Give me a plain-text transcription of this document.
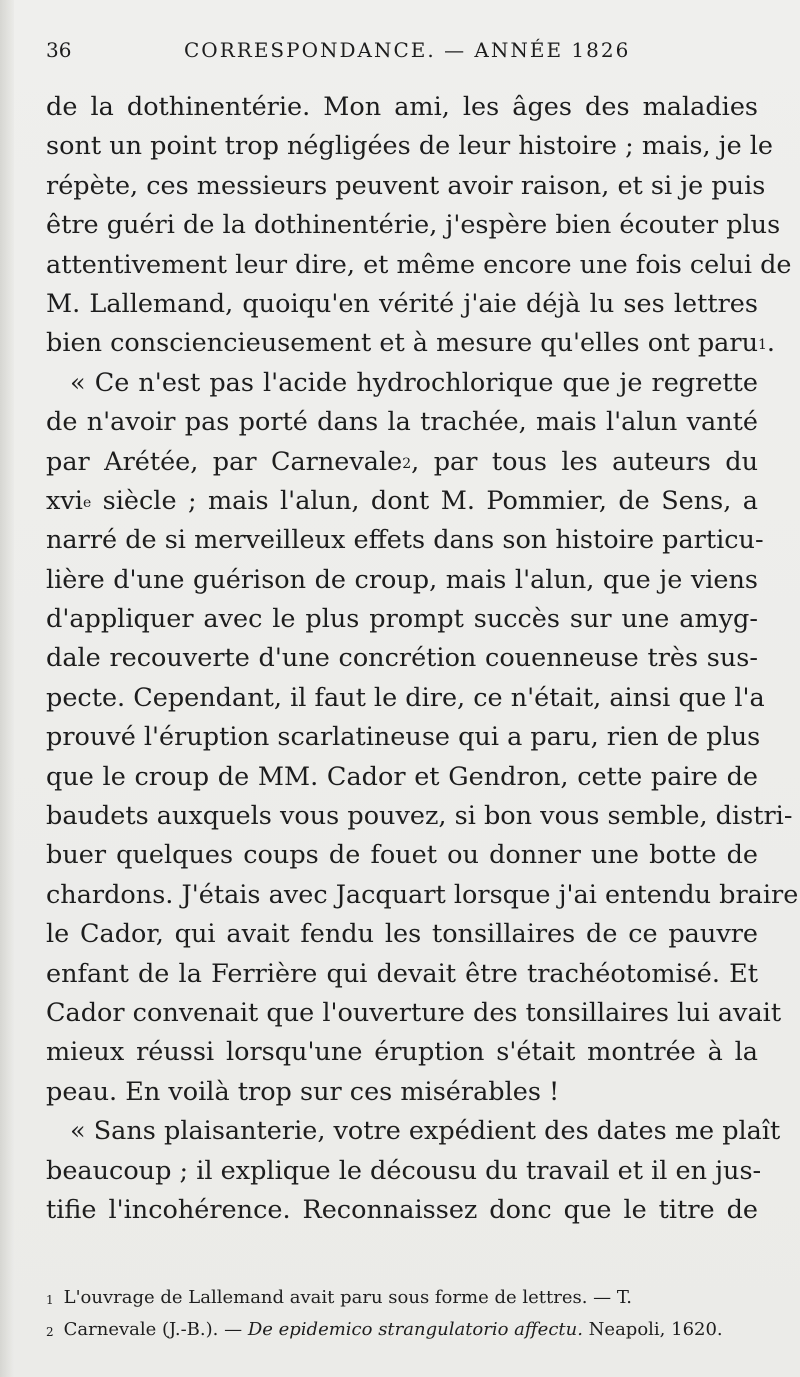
36	CORRESPONDANCE. — ANNÉE 1826
de la dothinentérie. Mon ami, les âges des maladies
sont un point trop négligées de leur histoire ; mais, je le
répète, ces messieurs peuvent avoir raison, et si je puis
être guéri de la dothinentérie, j'espère bien écouter plus
attentivement leur dire, et même encore une fois celui de
M. Lallemand, quoiqu'en vérité j'aie déjà lu ses lettres
bien consciencieusement et à mesure qu'elles ont paru$^1$.
« Ce n'est pas l'acide hydrochlorique que je regrette
de n'avoir pas porté dans la trachée, mais l'alun vanté
par Arétée, par Carnevale$^2$, par tous les auteurs du
xvi$^e$ siècle ; mais l'alun, dont M. Pommier, de Sens, a
narré de si merveilleux effets dans son histoire particu-
lière d'une guérison de croup, mais l'alun, que je viens
d'appliquer avec le plus prompt succès sur une amyg-
dale recouverte d'une concrétion couenneuse très sus-
pecte. Cependant, il faut le dire, ce n'était, ainsi que l'a
prouvé l'éruption scarlatineuse qui a paru, rien de plus
que le croup de MM. Cador et Gendron, cette paire de
baudets auxquels vous pouvez, si bon vous semble, distri-
buer quelques coups de fouet ou donner une botte de
chardons. J'étais avec Jacquart lorsque j'ai entendu braire
le Cador, qui avait fendu les tonsillaires de ce pauvre
enfant de la Ferrière qui devait être trachéotomisé. Et
Cador convenait que l'ouverture des tonsillaires lui avait
mieux réussi lorsqu'une éruption s'était montrée à la
peau. En voilà trop sur ces misérables !
« Sans plaisanterie, votre expédient des dates me plaît
beaucoup ; il explique le décousu du travail et il en jus-
tifie l'incohérence. Reconnaissez donc que le titre de
$^1$ L'ouvrage de Lallemand avait paru sous forme de lettres. — T.
$^2$ Carnevale (J.-B.). — De epidemico strangulatorio affectu. Neapoli, 1620.
